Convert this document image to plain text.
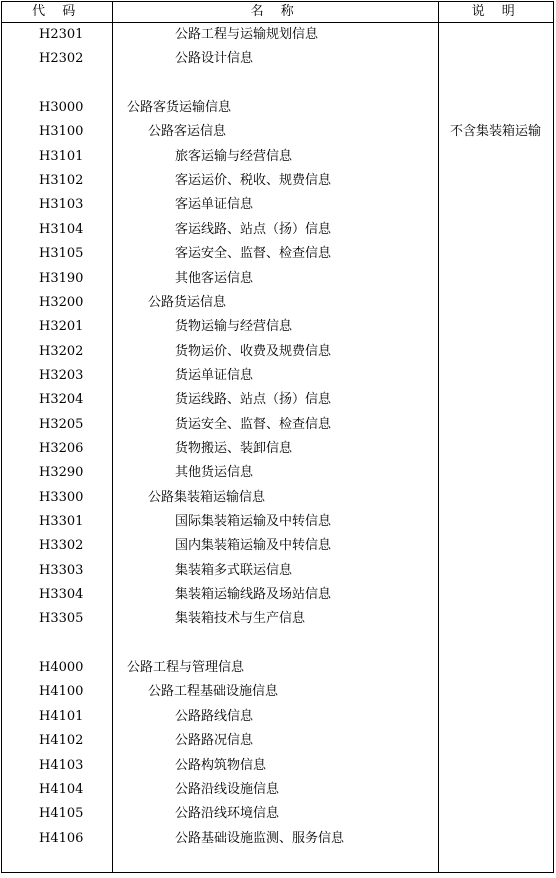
代 码	名 称	说 明
H2301	公路工程与运输规划信息
H2302	公路设计信息
H3000	公路客货运输信息
H3100	公路客运信息	不含集装箱运输
H3101	旅客运输与经营信息
H3102	客运运价、税收、规费信息
H3103	客运单证信息
H3104	客运线路、站点（扬）信息
H3105	客运安全、监督、检查信息
H3190	其他客运信息
H3200	公路货运信息
H3201	货物运输与经营信息
H3202	货物运价、收费及规费信息
H3203	货运单证信息
H3204	货运线路、站点（扬）信息
H3205	货运安全、监督、检查信息
H3206	货物搬运、装卸信息
H3290	其他货运信息
H3300	公路集装箱运输信息
H3301	国际集装箱运输及中转信息
H3302	国内集装箱运输及中转信息
H3303	集装箱多式联运信息
H3304	集装箱运输线路及场站信息
H3305	集装箱技术与生产信息
H4000	公路工程与管理信息
H4100	公路工程基础设施信息
H4101	公路路线信息
H4102	公路路况信息
H4103	公路构筑物信息
H4104	公路沿线设施信息
H4105	公路沿线环境信息
H4106	公路基础设施监测、服务信息
